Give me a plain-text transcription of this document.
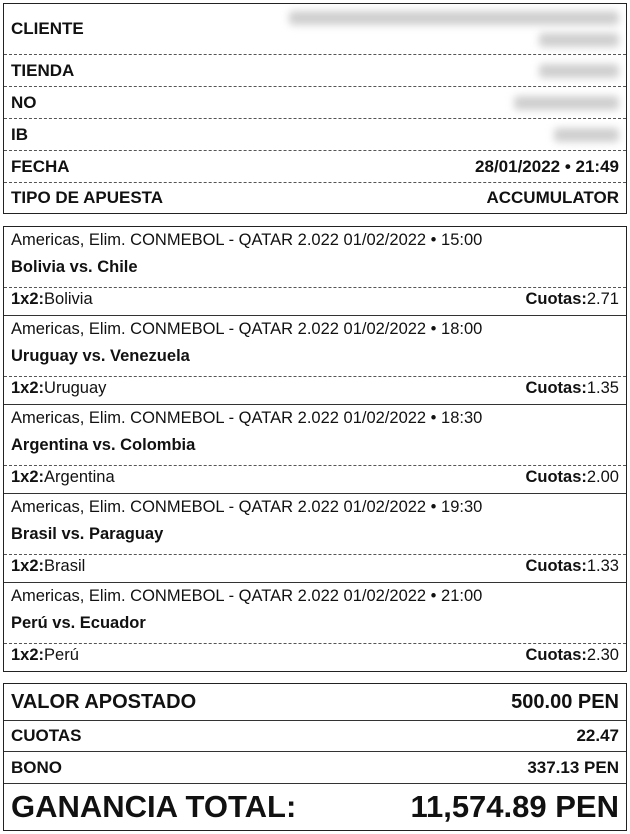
CLIENTE
TIENDA
NO
IB
FECHA	28/01/2022 • 21:49
TIPO DE APUESTA	ACCUMULATOR
Americas, Elim. CONMEBOL - QATAR 2.022 01/02/2022 • 15:00
Bolivia vs. Chile
1x2:Bolivia	Cuotas:2.71
Americas, Elim. CONMEBOL - QATAR 2.022 01/02/2022 • 18:00
Uruguay vs. Venezuela
1x2:Uruguay	Cuotas:1.35
Americas, Elim. CONMEBOL - QATAR 2.022 01/02/2022 • 18:30
Argentina vs. Colombia
1x2:Argentina	Cuotas:2.00
Americas, Elim. CONMEBOL - QATAR 2.022 01/02/2022 • 19:30
Brasil vs. Paraguay
1x2:Brasil	Cuotas:1.33
Americas, Elim. CONMEBOL - QATAR 2.022 01/02/2022 • 21:00
Perú vs. Ecuador
1x2:Perú	Cuotas:2.30
VALOR APOSTADO	500.00 PEN
CUOTAS	22.47
BONO	337.13 PEN
GANANCIA TOTAL:	11,574.89 PEN
